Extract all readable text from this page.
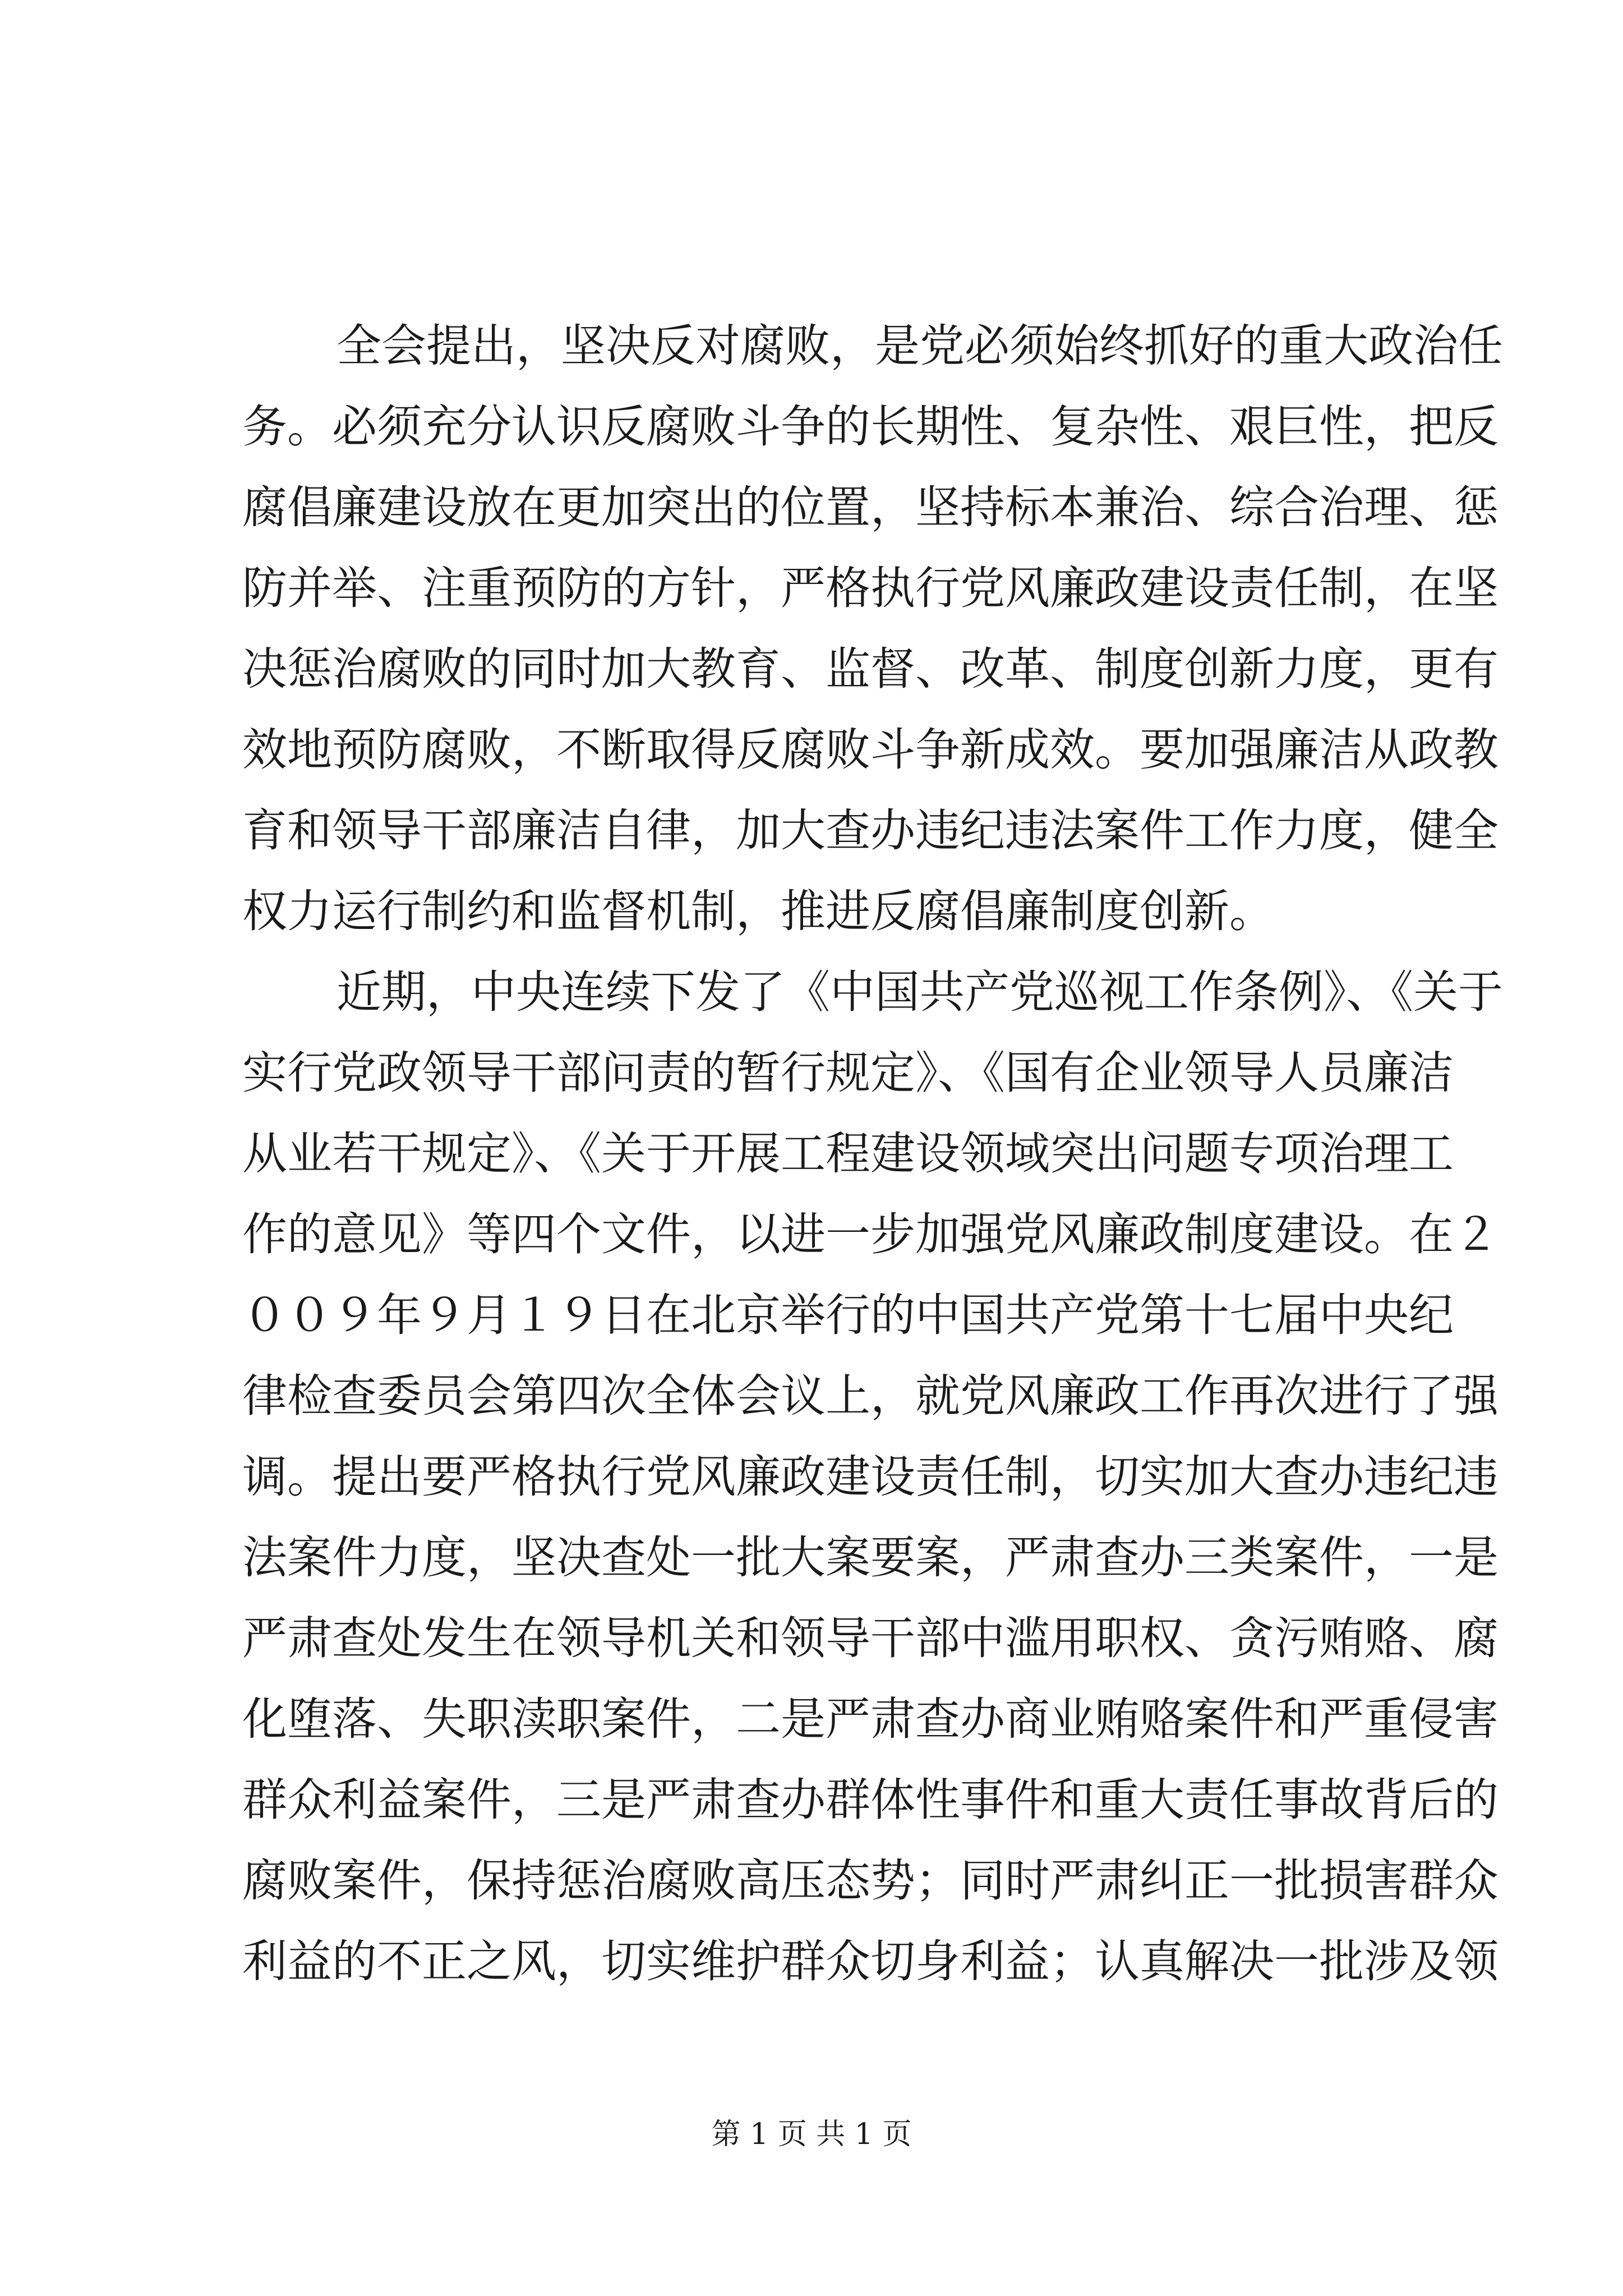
全会提出，坚决反对腐败，是党必须始终抓好的重大政治任
务。必须充分认识反腐败斗争的长期性、复杂性、艰巨性，把反
腐倡廉建设放在更加突出的位置，坚持标本兼治、综合治理、惩
防并举、注重预防的方针，严格执行党风廉政建设责任制，在坚
决惩治腐败的同时加大教育、监督、改革、制度创新力度，更有
效地预防腐败，不断取得反腐败斗争新成效。要加强廉洁从政教
育和领导干部廉洁自律，加大查办违纪违法案件工作力度，健全
权力运行制约和监督机制，推进反腐倡廉制度创新。
近期，中央连续下发了《中国共产党巡视工作条例》、《关于
实行党政领导干部问责的暂行规定》、《国有企业领导人员廉洁
从业若干规定》、《关于开展工程建设领域突出问题专项治理工
作的意见》等四个文件，以进一步加强党风廉政制度建设。在２
００９年９月１９日在北京举行的中国共产党第十七届中央纪
律检查委员会第四次全体会议上，就党风廉政工作再次进行了强
调。提出要严格执行党风廉政建设责任制，切实加大查办违纪违
法案件力度，坚决查处一批大案要案，严肃查办三类案件，一是
严肃查处发生在领导机关和领导干部中滥用职权、贪污贿赂、腐
化堕落、失职渎职案件，二是严肃查办商业贿赂案件和严重侵害
群众利益案件，三是严肃查办群体性事件和重大责任事故背后的
腐败案件，保持惩治腐败高压态势；同时严肃纠正一批损害群众
利益的不正之风，切实维护群众切身利益；认真解决一批涉及领
第 1 页 共 1 页
